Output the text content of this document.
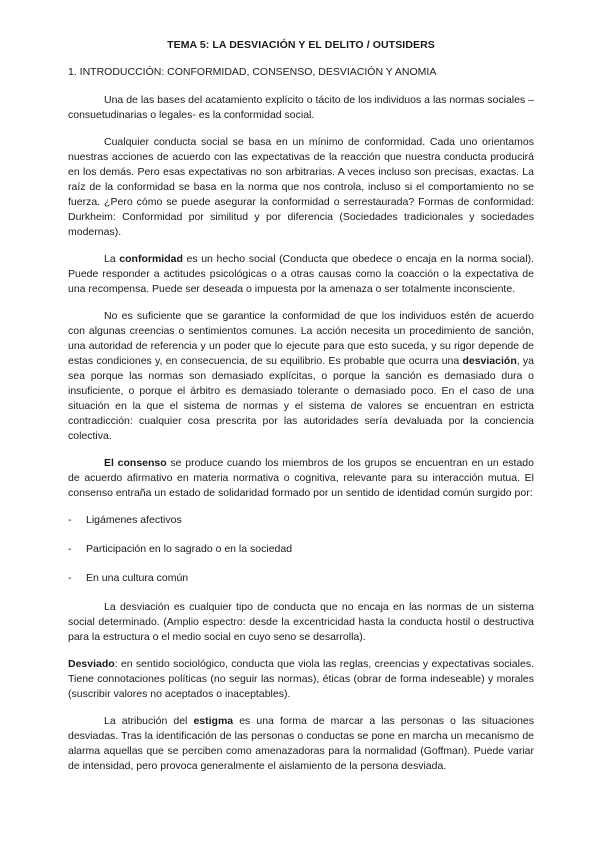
TEMA 5: LA DESVIACIÓN Y EL DELITO / OUTSIDERS
1. INTRODUCCIÓN: CONFORMIDAD, CONSENSO, DESVIACIÓN Y ANOMIA

Una de las bases del acatamiento explícito o tácito de los individuos a las normas sociales – consuetudinarias o legales- es la conformidad social.

Cualquier conducta social se basa en un mínimo de conformidad. Cada uno orientamos nuestras acciones de acuerdo con las expectativas de la reacción que nuestra conducta producirá en los demás. Pero esas expectativas no son arbitrarias. A veces incluso son precisas, exactas. La raíz de la conformidad se basa en la norma que nos controla, incluso si el comportamiento no se fuerza. ¿Pero cómo se puede asegurar la conformidad o serrestaurada? Formas de conformidad: Durkheim: Conformidad por similitud y por diferencia (Sociedades tradicionales y sociedades modernas).

La conformidad es un hecho social (Conducta que obedece o encaja en la norma social). Puede responder a actitudes psicológicas o a otras causas como la coacción o la expectativa de una recompensa. Puede ser deseada o impuesta por la amenaza o ser totalmente inconsciente.

No es suficiente que se garantice la conformidad de que los individuos estén de acuerdo con algunas creencias o sentimientos comunes. La acción necesita un procedimiento de sanción, una autoridad de referencia y un poder que lo ejecute para que esto suceda, y su rigor depende de estas condiciones y, en consecuencia, de su equilibrio. Es probable que ocurra una desviación, ya sea porque las normas son demasiado explícitas, o porque la sanción es demasiado dura o insuficiente, o porque el árbitro es demasiado tolerante o demasiado poco. En el caso de una situación en la que el sistema de normas y el sistema de valores se encuentran en estricta contradicción: cualquier cosa prescrita por las autoridades sería devaluada por la conciencia colectiva.

El consenso se produce cuando los miembros de los grupos se encuentran en un estado de acuerdo afirmativo en materia normativa o cognitiva, relevante para su interacción mutua. El consenso entraña un estado de solidaridad formado por un sentido de identidad común surgido por:

- Ligámenes afectivos
- Participación en lo sagrado o en la sociedad
- En una cultura común

La desviación es cualquier tipo de conducta que no encaja en las normas de un sistema social determinado. (Amplio espectro: desde la excentricidad hasta la conducta hostil o destructiva para la estructura o el medio social en cuyo seno se desarrolla).

Desviado: en sentido sociológico, conducta que viola las reglas, creencias y expectativas sociales. Tiene connotaciones políticas (no seguir las normas), éticas (obrar de forma indeseable) y morales (suscribir valores no aceptados o inaceptables).

La atribución del estigma es una forma de marcar a las personas o las situaciones desviadas. Tras la identificación de las personas o conductas se pone en marcha un mecanismo de alarma aquellas que se perciben como amenazadoras para la normalidad (Goffman). Puede variar de intensidad, pero provoca generalmente el aislamiento de la persona desviada.
